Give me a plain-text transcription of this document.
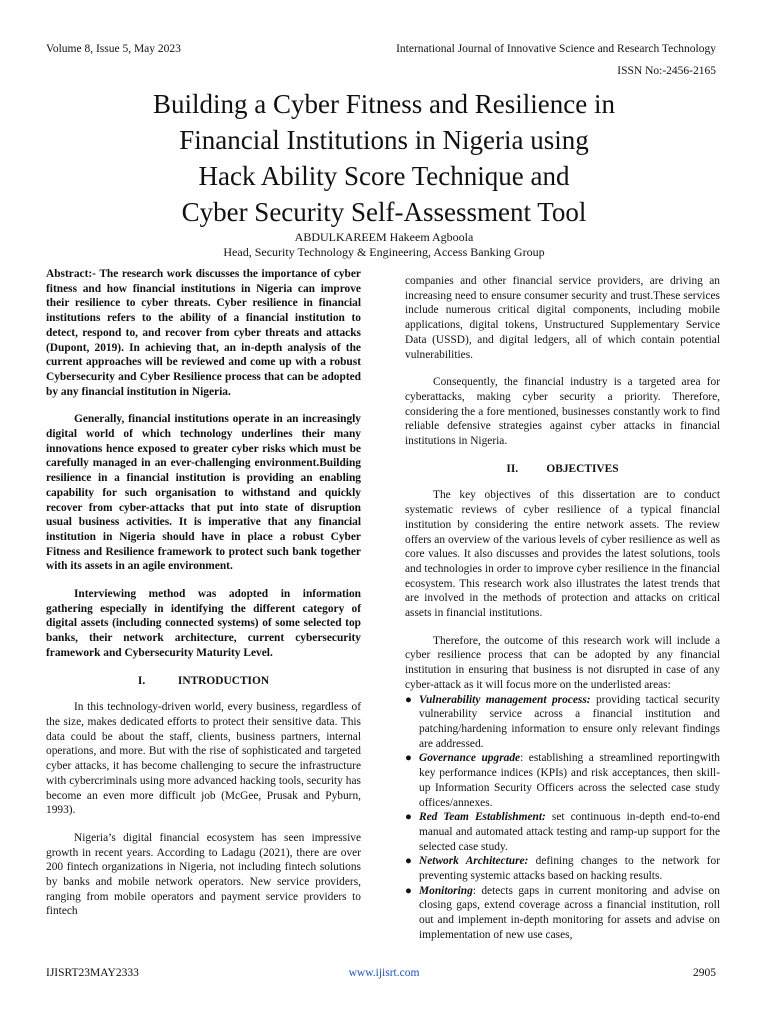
Volume 8, Issue 5, May 2023	International Journal of Innovative Science and Research Technology
ISSN No:-2456-2165
Building a Cyber Fitness and Resilience in
Financial Institutions in Nigeria using
Hack Ability Score Technique and
Cyber Security Self-Assessment Tool
ABDULKAREEM Hakeem Agboola
Head, Security Technology & Engineering, Access Banking Group

Abstract:- The research work discusses the importance of cyber fitness and how financial institutions in Nigeria can improve their resilience to cyber threats. Cyber resilience in financial institutions refers to the ability of a financial institution to detect, respond to, and recover from cyber threats and attacks (Dupont, 2019). In achieving that, an in-depth analysis of the current approaches will be reviewed and come up with a robust Cybersecurity and Cyber Resilience process that can be adopted by any financial institution in Nigeria.

Generally, financial institutions operate in an increasingly digital world of which technology underlines their many innovations hence exposed to greater cyber risks which must be carefully managed in an ever-challenging environment.Building resilience in a financial institution is providing an enabling capability for such organisation to withstand and quickly recover from cyber-attacks that put into state of disruption usual business activities. It is imperative that any financial institution in Nigeria should have in place a robust Cyber Fitness and Resilience framework to protect such bank together with its assets in an agile environment.

Interviewing method was adopted in information gathering especially in identifying the different category of digital assets (including connected systems) of some selected top banks, their network architecture, current cybersecurity framework and Cybersecurity Maturity Level.

I.	INTRODUCTION

In this technology-driven world, every business, regardless of the size, makes dedicated efforts to protect their sensitive data. This data could be about the staff, clients, business partners, internal operations, and more. But with the rise of sophisticated and targeted cyber attacks, it has become challenging to secure the infrastructure with cybercriminals using more advanced hacking tools, security has become an even more difficult job (McGee, Prusak and Pyburn, 1993).

Nigeria’s digital financial ecosystem has seen impressive growth in recent years. According to Ladagu (2021), there are over 200 fintech organizations in Nigeria, not including fintech solutions by banks and mobile network operators. New service providers, ranging from mobile operators and payment service providers to fintech

companies and other financial service providers, are driving an increasing need to ensure consumer security and trust.These services include numerous critical digital components, including mobile applications, digital tokens, Unstructured Supplementary Service Data (USSD), and digital ledgers, all of which contain potential vulnerabilities.

Consequently, the financial industry is a targeted area for cyberattacks, making cyber security a priority. Therefore, considering the a fore mentioned, businesses constantly work to find reliable defensive strategies against cyber attacks in financial institutions in Nigeria.

II. OBJECTIVES

The key objectives of this dissertation are to conduct systematic reviews of cyber resilience of a typical financial institution by considering the entire network assets. The review offers an overview of the various levels of cyber resilience as well as core values. It also discusses and provides the latest solutions, tools and technologies in order to improve cyber resilience in the financial ecosystem. This research work also illustrates the latest trends that are involved in the methods of protection and attacks on critical assets in financial institutions.

Therefore, the outcome of this research work will include a cyber resilience process that can be adopted by any financial institution in ensuring that business is not disrupted in case of any cyber-attack as it will focus more on the underlisted areas:

● Vulnerability management process: providing tactical security vulnerability service across a financial institution and patching/hardening information to ensure only relevant findings are addressed.
● Governance upgrade: establishing a streamlined reportingwith key performance indices (KPIs) and risk acceptances, then skill-up Information Security Officers across the selected case study offices/annexes.
● Red Team Establishment: set continuous in-depth end-to-end manual and automated attack testing and ramp-up support for the selected case study.
● Network Architecture: defining changes to the network for preventing systemic attacks based on hacking results.
● Monitoring: detects gaps in current monitoring and advise on closing gaps, extend coverage across a financial institution, roll out and implement in-depth monitoring for assets and advise on implementation of new use cases,
IJISRT23MAY2333	www.ijisrt.com	2905
